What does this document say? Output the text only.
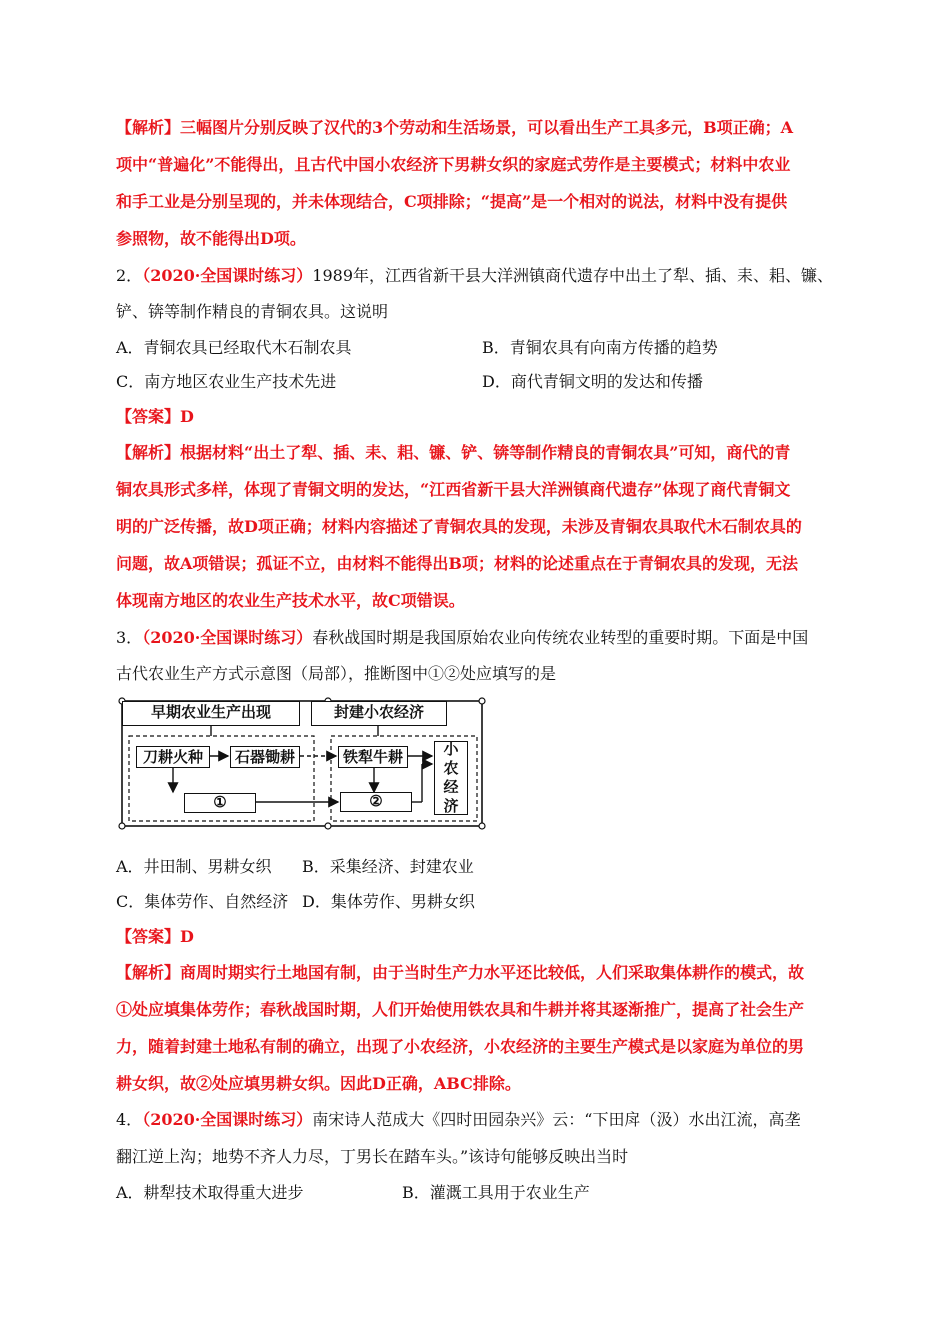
【解析】三幅图片分别反映了汉代的3个劳动和生活场景，可以看出生产工具多元，B项正确；A
项中“普遍化”不能得出，且古代中国小农经济下男耕女织的家庭式劳作是主要模式；材料中农业
和手工业是分别呈现的，并未体现结合，C项排除；“提高”是一个相对的说法，材料中没有提供
参照物，故不能得出D项。
2．（2020·全国课时练习）1989年，江西省新干县大洋洲镇商代遗存中出土了犁、插、耒、耜、镰、
铲、锛等制作精良的青铜农具。这说明
A．青铜农具已经取代木石制农具	B．青铜农具有向南方传播的趋势
C．南方地区农业生产技术先进	D．商代青铜文明的发达和传播
【答案】D
【解析】根据材料“出土了犁、插、耒、耜、镰、铲、锛等制作精良的青铜农具”可知，商代的青
铜农具形式多样，体现了青铜文明的发达，“江西省新干县大洋洲镇商代遗存”体现了商代青铜文
明的广泛传播，故D项正确；材料内容描述了青铜农具的发现，未涉及青铜农具取代木石制农具的
问题，故A项错误；孤证不立，由材料不能得出B项；材料的论述重点在于青铜农具的发现，无法
体现南方地区的农业生产技术水平，故C项错误。
3．（2020·全国课时练习）春秋战国时期是我国原始农业向传统农业转型的重要时期。下面是中国
古代农业生产方式示意图（局部），推断图中①②处应填写的是
早期农业生产出现	封建小农经济
刀耕火种	石器锄耕	铁犁牛耕
①	②
小
农
经
济
A．井田制、男耕女织 B．采集经济、封建农业
C．集体劳作、自然经济 D．集体劳作、男耕女织
【答案】D
【解析】商周时期实行土地国有制，由于当时生产力水平还比较低，人们采取集体耕作的模式，故
①处应填集体劳作；春秋战国时期，人们开始使用铁农具和牛耕并将其逐渐推广，提高了社会生产
力，随着封建土地私有制的确立，出现了小农经济，小农经济的主要生产模式是以家庭为单位的男
耕女织，故②处应填男耕女织。因此D正确，ABC排除。
4．（2020·全国课时练习）南宋诗人范成大《四时田园杂兴》云：“下田戽（汲）水出江流，高垄
翻江逆上沟；地势不齐人力尽，丁男长在踏车头。”该诗句能够反映出当时
A．耕犁技术取得重大进步	B．灌溉工具用于农业生产
